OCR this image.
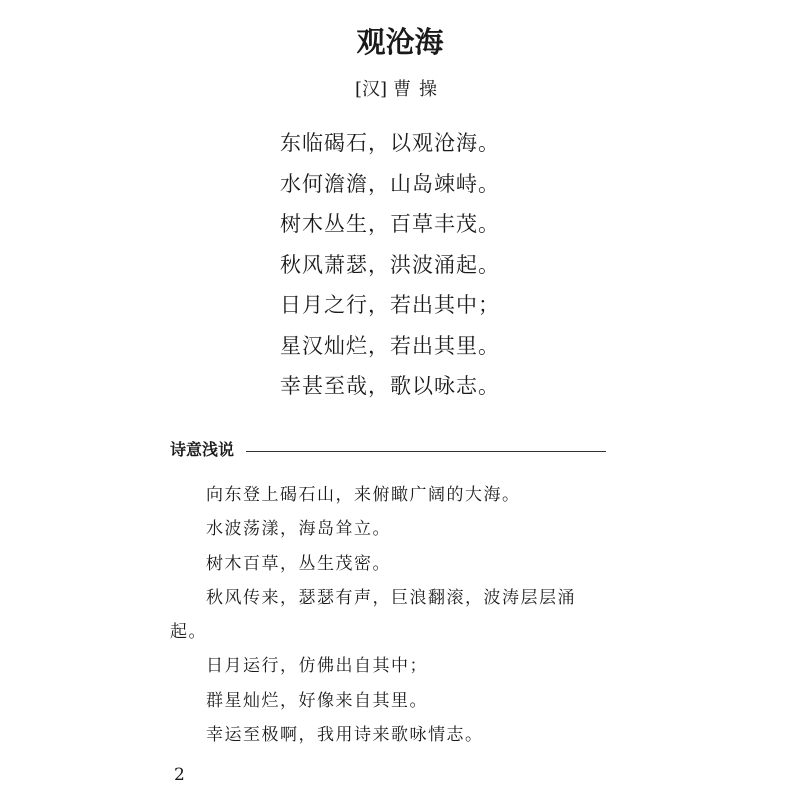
观沧海
[汉] 曹操
东临碣石，以观沧海。
水何澹澹，山岛竦峙。
树木丛生，百草丰茂。
秋风萧瑟，洪波涌起。
日月之行，若出其中；
星汉灿烂，若出其里。
幸甚至哉，歌以咏志。
诗意浅说

向东登上碣石山，来俯瞰广阔的大海。

水波荡漾，海岛耸立。

树木百草，丛生茂密。

秋风传来，瑟瑟有声，巨浪翻滚，波涛层层涌起。

日月运行，仿佛出自其中；

群星灿烂，好像来自其里。

幸运至极啊，我用诗来歌咏情志。

2
